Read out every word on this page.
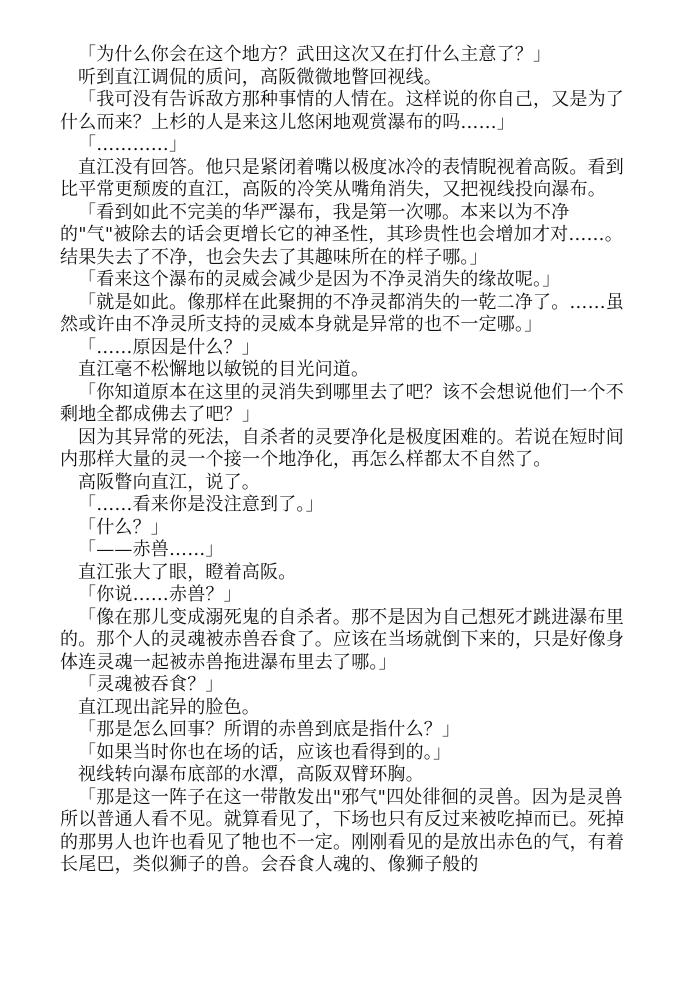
「为什么你会在这个地方？武田这次又在打什么主意了？」

听到直江调侃的质问，高阪微微地瞥回视线。

「我可没有告诉敌方那种事情的人情在。这样说的你自己，又是为了什么而来？上杉的人是来这儿悠闲地观赏瀑布的吗……」

「…………」

直江没有回答。他只是紧闭着嘴以极度冰冷的表情睨视着高阪。看到比平常更颓废的直江，高阪的冷笑从嘴角消失，又把视线投向瀑布。

「看到如此不完美的华严瀑布，我是第一次哪。本来以为不净的"气"被除去的话会更增长它的神圣性，其珍贵性也会增加才对……。结果失去了不净，也会失去了其趣味所在的样子哪。」

「看来这个瀑布的灵威会减少是因为不净灵消失的缘故呢。」

「就是如此。像那样在此聚拥的不净灵都消失的一乾二净了。……虽然或许由不净灵所支持的灵威本身就是异常的也不一定哪。」

「……原因是什么？」

直江毫不松懈地以敏锐的目光问道。

「你知道原本在这里的灵消失到哪里去了吧？该不会想说他们一个不剩地全都成佛去了吧？」

因为其异常的死法，自杀者的灵要净化是极度困难的。若说在短时间内那样大量的灵一个接一个地净化，再怎么样都太不自然了。

高阪瞥向直江，说了。

「……看来你是没注意到了。」

「什么？」

「——赤兽……」

直江张大了眼，瞪着高阪。

「你说……赤兽？」

「像在那儿变成溺死鬼的自杀者。那不是因为自己想死才跳进瀑布里的。那个人的灵魂被赤兽吞食了。应该在当场就倒下来的，只是好像身体连灵魂一起被赤兽拖进瀑布里去了哪。」

「灵魂被吞食？」

直江现出詫异的脸色。

「那是怎么回事？所谓的赤兽到底是指什么？」

「如果当时你也在场的话，应该也看得到的。」

视线转向瀑布底部的水潭，高阪双臂环胸。

「那是这一阵子在这一带散发出"邪气"四处徘徊的灵兽。因为是灵兽所以普通人看不见。就算看见了，下场也只有反过来被吃掉而已。死掉的那男人也许也看见了牠也不一定。刚刚看见的是放出赤色的气，有着长尾巴，类似狮子的兽。会吞食人魂的、像狮子般的
